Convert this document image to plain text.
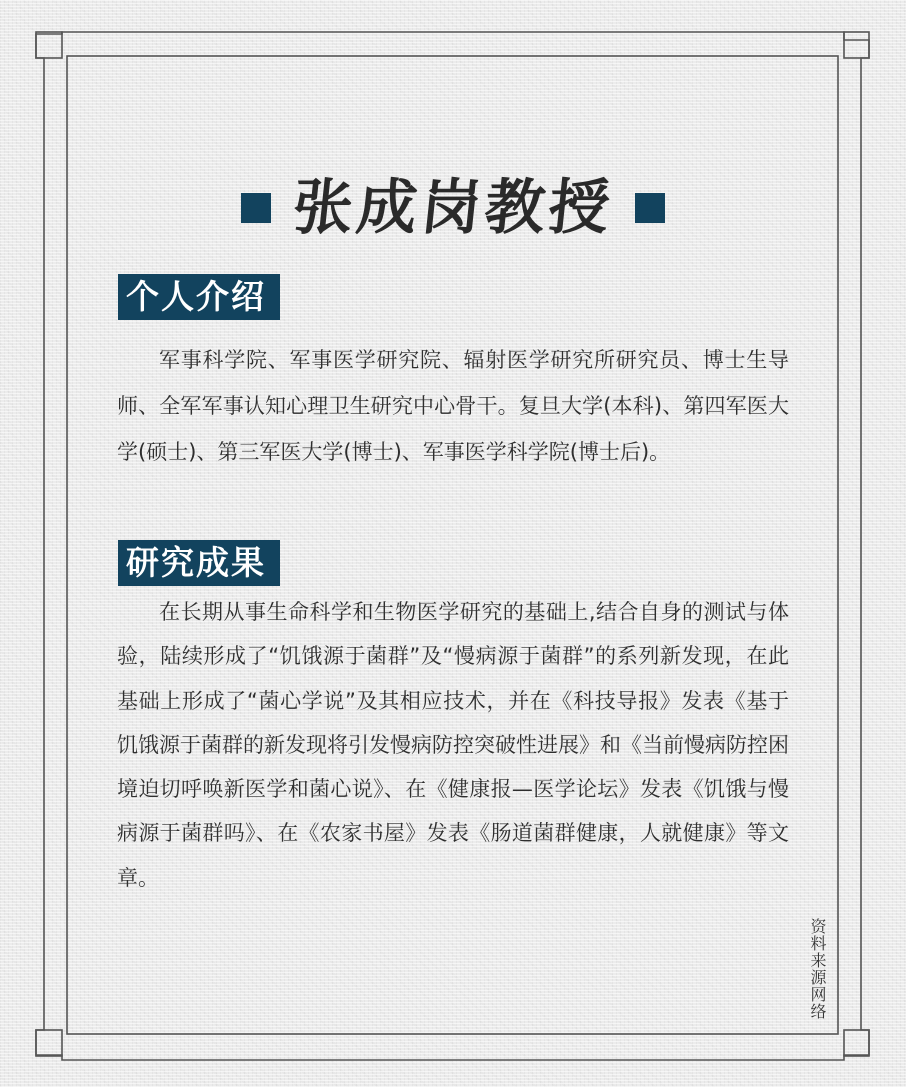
张成岗教授
个人介绍

军事科学院、军事医学研究院、辐射医学研究所研究员、博士生导师、全军军事认知心理卫生研究中心骨干。复旦大学(本科)、第四军医大学(硕士)、第三军医大学(博士)、军事医学科学院(博士后)。

研究成果

在长期从事生命科学和生物医学研究的基础上,结合自身的测试与体验，陆续形成了“饥饿源于菌群”及“慢病源于菌群”的系列新发现，在此基础上形成了“菌心学说”及其相应技术，并在《科技导报》发表《基于饥饿源于菌群的新发现将引发慢病防控突破性进展》和《当前慢病防控困境迫切呼唤新医学和菌心说》、在《健康报—医学论坛》发表《饥饿与慢病源于菌群吗》、在《农家书屋》发表《肠道菌群健康，人就健康》等文章。

资料来源网络
